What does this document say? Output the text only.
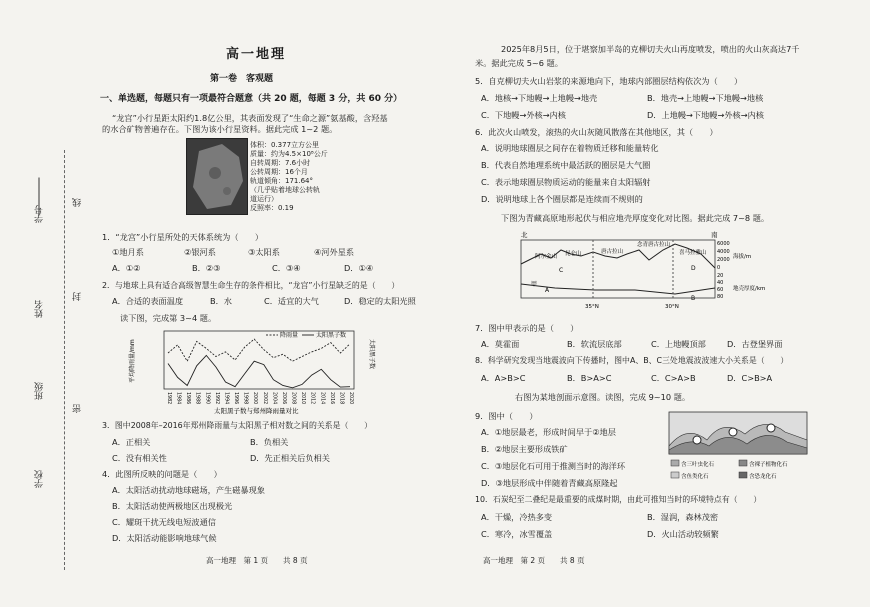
学号
姓名
班级
学校
线
封
密
高一地理
第一卷　客观题
一、单选题，每题只有一项最符合题意（共 20 题，每题 3 分，共 60 分）
“龙宫”小行星距太阳约1.8亿公里，其表面发现了“生命之源”氨基酸，含羟基
的水合矿物普遍存在。下图为该小行星资料。据此完成 1~2 题。
体积：0.377立方公里
质量：约为4.5×10⁸公斤
自转周期：7.6小时
公转周期：16个月
轨道倾角：171.64°
（几乎贴着地球公转轨
道运行）
反照率：0.19
1．“龙宫”小行星所处的天体系统为（　　）
①地月系	②银河系	③太阳系	④河外星系
A．①②	B．②③	C．③④	D．①④
2．与地球上具有适合高级智慧生命生存的条件相比，“龙宫”小行星缺乏的是（　　）
A．合适的表面温度	B．水	C．适宜的大气	D．稳定的太阳光照
读下图，完成第 3~4 题。
1982 1984 1986 1988 1990 1992 1994 1996 1998 2000 2002 2004 2006 2008 2010 2012 2014 2016 2018 2020
平均降雨量/mm	太阳黑子数
降雨量	太阳黑子数
太阳黑子数与郑州降雨量对比
3．图中2008年–2016年郑州降雨量与太阳黑子相对数之间的关系是（　　）
A．正相关	B．负相关
C．没有相关性	D．先正相关后负相关
4．此图所反映的问题是（　　）
A．太阳活动扰动地球磁场，产生磁暴现象
B．太阳活动使两极地区出现极光
C．耀斑干扰无线电短波通信
D．太阳活动能影响地球气候
高一地理　第 1 页　　共 8 页
2025年8月5日，位于堪察加半岛的克柳切夫火山再度喷发，喷出的火山灰高达7千
米。据此完成 5~6 题。
5．自克柳切夫火山岩浆的来源地向下，地球内部圈层结构依次为（　　）
A．地核→下地幔→上地幔→地壳	B．地壳→上地幔→下地幔→地核
C．下地幔→外核→内核	D．上地幔→下地幔→外核→内核
6．此次火山喷发，滚热的火山灰随风散落在其他地区，其（　　）
A．说明地球圈层之间存在着物质迁移和能量转化
B．代表自然地理系统中最活跃的圈层是大气圈
C．表示地球圈层物质运动的能量来自太阳辐射
D．说明地球上各个圈层都是连续而不规则的
下图为青藏高原地形起伏与相应地壳厚度变化对比图。据此完成 7~8 题。
北	南
阿尔金山 昆仑山	唐古拉山
念青唐古拉山
喜马拉雅山
C	D
A
B
甲
35°N	30°N
6000
4000
2000
0
20
40
60
80
海拔/m
地壳厚度/km
7．图中甲表示的是（　　）
A．莫霍面	B．软流层底部	C．上地幔顶部	D．古登堡界面
8．科学研究发现当地震波向下传播时，图中A、B、C三处地震波波速大小关系是（　　）
A．A>B>C	B．B>A>C	C．C>A>B	D．C>B>A
右图为某地剖面示意图。读图，完成 9~10 题。
9．图中（　　）
A．①地层最老，形成时间早于②地层
B．②地层主要形成铁矿
C．③地层化石可用于推测当时的海洋环
D．③地层形成中伴随着青藏高原隆起
含三叶虫化石	含裸子植物化石
含鱼类化石	含恐龙化石
10．石炭纪至二叠纪是最重要的成煤时期，由此可推知当时的环境特点有（　　）
A．干燥，冷热多变	B．湿润，森林茂密
C．寒冷，冰雪覆盖	D．火山活动较频繁
高一地理　第 2 页　　共 8 页
